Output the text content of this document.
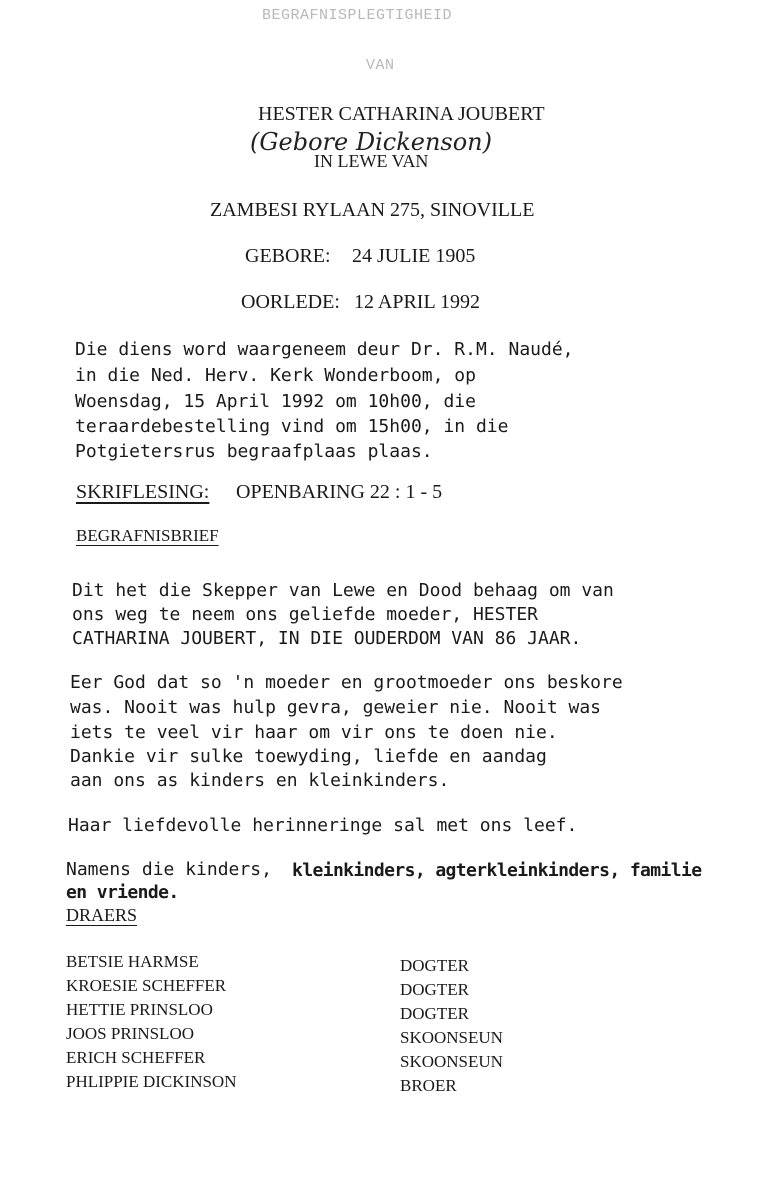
BEGRAFNISPLEGTIGHEID
VAN
HESTER CATHARINA JOUBERT
(Gebore Dickenson)
IN LEWE VAN
ZAMBESI RYLAAN 275, SINOVILLE
GEBORE: 24 JULIE 1905
OORLEDE: 12 APRIL 1992
Die diens word waargeneem deur Dr. R.M. Naudé,
in die Ned. Herv. Kerk Wonderboom, op
Woensdag, 15 April 1992 om 10h00, die
teraardebestelling vind om 15h00, in die
Potgietersrus begraafplaas plaas.
SKRIFLESING: OPENBARING 22 : 1 - 5
BEGRAFNISBRIEF
Dit het die Skepper van Lewe en Dood behaag om van
ons weg te neem ons geliefde moeder, HESTER
CATHARINA JOUBERT, IN DIE OUDERDOM VAN 86 JAAR.
Eer God dat so 'n moeder en grootmoeder ons beskore
was. Nooit was hulp gevra, geweier nie. Nooit was
iets te veel vir haar om vir ons te doen nie.
Dankie vir sulke toewyding, liefde en aandag
aan ons as kinders en kleinkinders.
Haar liefdevolle herinneringe sal met ons leef.
Namens die kinders, kleinkinders, agterkleinkinders, familie
en vriende.
DRAERS
BETSIE HARMSE	DOGTER
KROESIE SCHEFFER	DOGTER
HETTIE PRINSLOO	DOGTER
JOOS PRINSLOO	SKOONSEUN
ERICH SCHEFFER	SKOONSEUN
PHLIPPIE DICKINSON	BROER
